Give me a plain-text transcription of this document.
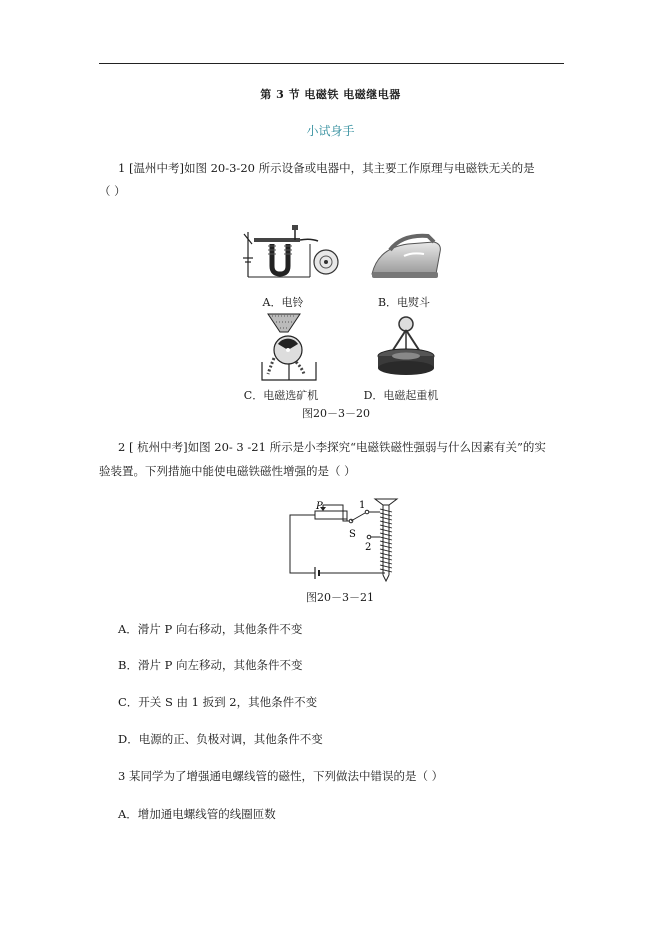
第 3 节 电磁铁 电磁继电器
小试身手
1 [温州中考]如图 20-3-20 所示设备或电器中，其主要工作原理与电磁铁无关的是
（ ）
A．电铃	B．电熨斗
C．电磁选矿机	D．电磁起重机
图20－3－20
2 [ 杭州中考]如图 20- 3 -21 所示是小李探究“电磁铁磁性强弱与什么因素有关”的实
验装置。下列措施中能使电磁铁磁性增强的是（ ）
P	1
S
2
图20－3－21
A．滑片 P 向右移动，其他条件不变
B．滑片 P 向左移动，其他条件不变
C．开关 S 由 1 扳到 2，其他条件不变
D．电源的正、负极对调，其他条件不变
3 某同学为了增强通电螺线管的磁性，下列做法中错误的是（ ）
A．增加通电螺线管的线圈匝数
